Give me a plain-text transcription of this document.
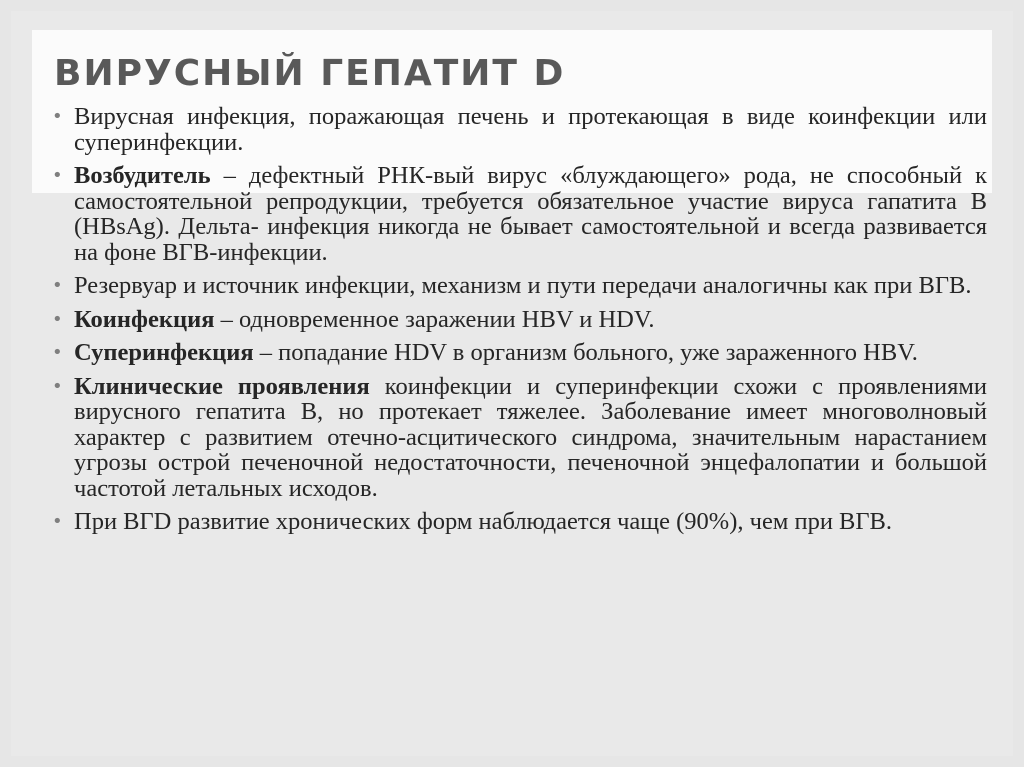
ВИРУСНЫЙ ГЕПАТИТ D
• Вирусная инфекция, поражающая печень и протекающая в виде коинфекции или суперинфекции.
• Возбудитель – дефектный РНК-вый вирус «блуждающего» рода, не способный к самостоятельной репродукции, требуется обязательное участие вируса гапатита В (HBsAg). Дельта- инфекция никогда не бывает самостоятельной и всегда развивается на фоне ВГВ-инфекции.
• Резервуар и источник инфекции, механизм и пути передачи аналогичны как при ВГВ.
• Коинфекция – одновременное заражении HBV и HDV.
• Суперинфекция – попадание HDV в организм больного, уже зараженного HBV.
• Клинические проявления коинфекции и суперинфекции схожи с проявлениями вирусного гепатита В, но протекает тяжелее. Заболевание имеет многоволновый характер с развитием отечно-асцитического синдрома, значительным нарастанием угрозы острой печеночной недостаточности, печеночной энцефалопатии и большой частотой летальных исходов.
• При ВГD развитие хронических форм наблюдается чаще (90%), чем при ВГВ.
